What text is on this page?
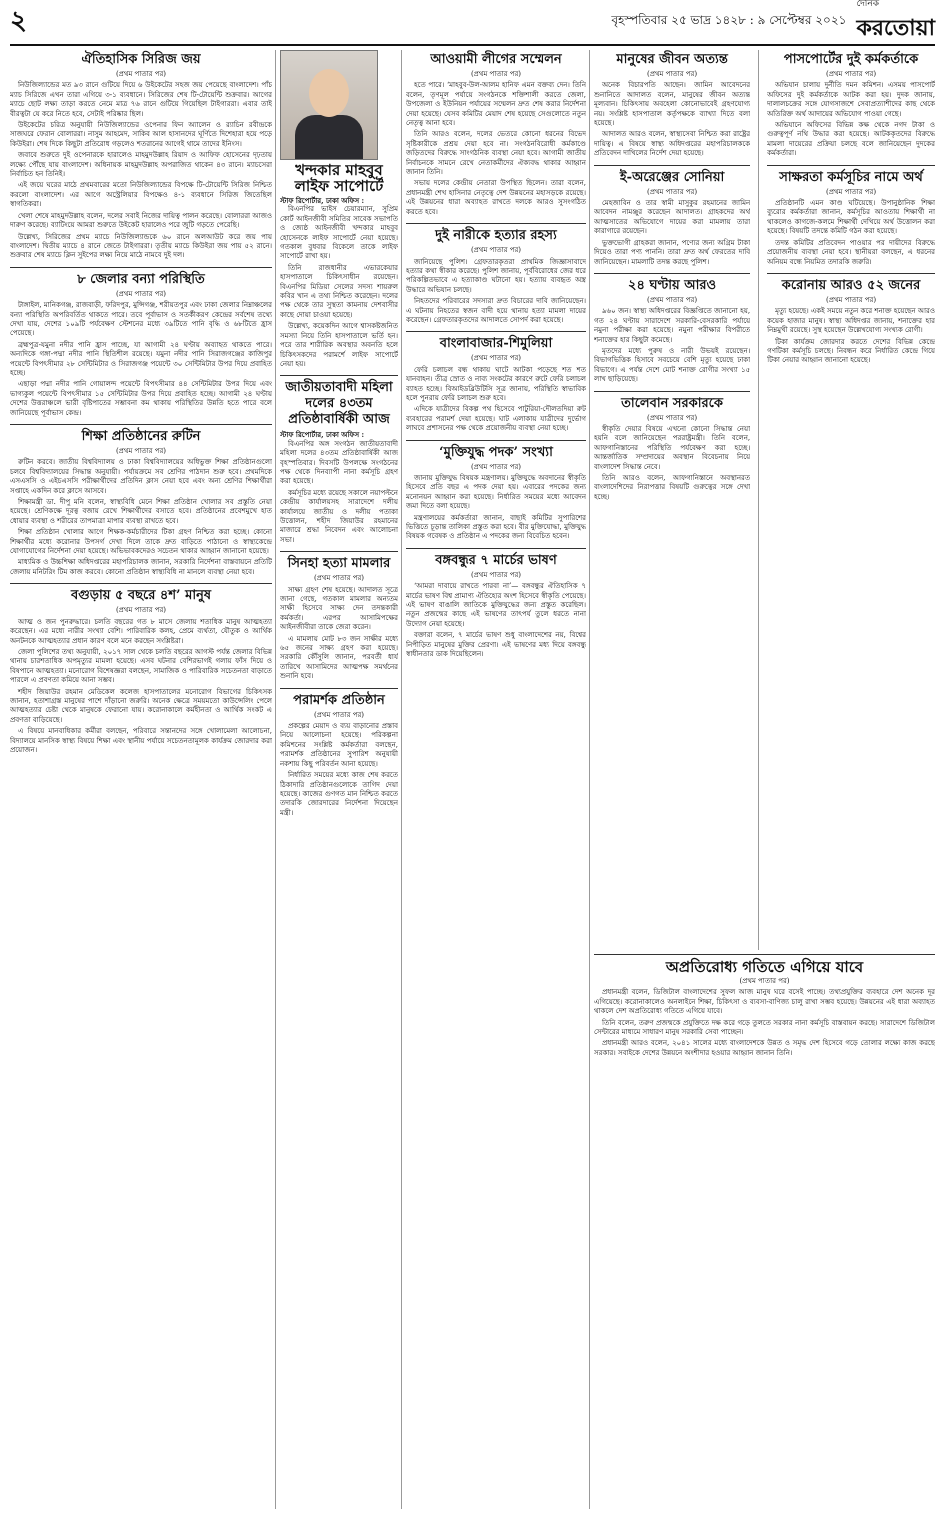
২	বৃহস্পতিবার ২৫ ভাদ্র ১৪২৮ : ৯ সেপ্টেম্বর ২০২১
দৈনিক
করতোয়া
ঐতিহাসিক সিরিজ জয়
(প্রথম পাতার পর)

নিউজিল্যান্ডের মত ৯৩ রানে গুটিয়ে দিয়ে ৬ উইকেটের সহজ জয় পেয়েছে বাংলাদেশ। পাঁচ ম্যাচ সিরিজে এখন তারা এগিয়ে ৩-১ ব্যবধানে। সিরিজের শেষ টি-টোয়েন্টি শুক্রবার। আগের ম্যাচে ছোট লক্ষ্য তাড়া করতে নেমে মাত্র ৭৬ রানে গুটিয়ে গিয়েছিল টাইগাররা। এবার তাই বীরত্বটা যে করে নিতে হবে, সেটাই পরিষ্কার ছিল।

উইকেটের চরিত্র অনুযায়ী নিউজিল্যান্ডের ওপেনার ফিন অ্যালেন ও র‌্যাচিন রবীন্দ্রকে সাজঘরে ফেরান বোলাররা। নাসুম আহমেদ, সাকিব আল হাসানদের ঘূর্ণিতে দিশেহারা হয়ে পড়ে কিউইরা। শেষ দিকে কিছুটা প্রতিরোধ গড়লেও শতরানের আগেই থামে তাদের ইনিংস।

জবাবে শুরুতে দুই ওপেনারকে হারালেও মাহমুদউল্লাহ রিয়াদ ও আফিফ হোসেনের দৃঢ়তায় লক্ষ্যে পৌঁছে যায় বাংলাদেশ। অধিনায়ক মাহমুদউল্লাহ অপরাজিত থাকেন ৪৩ রানে। ম্যাচসেরা নির্বাচিত হন তিনিই।

এই জয়ে ঘরের মাঠে প্রথমবারের মতো নিউজিল্যান্ডের বিপক্ষে টি-টোয়েন্টি সিরিজ নিশ্চিত করলো বাংলাদেশ। এর আগে অস্ট্রেলিয়ার বিপক্ষেও ৪-১ ব্যবধানে সিরিজ জিতেছিল স্বাগতিকরা।

খেলা শেষে মাহমুদউল্লাহ বলেন, দলের সবাই নিজের দায়িত্ব পালন করেছে। বোলাররা আজও দারুণ করেছে। ব্যাটিংয়ে আমরা শুরুতে উইকেট হারালেও পরে জুটি গড়তে পেরেছি।

উল্লেখ্য, সিরিজের প্রথম ম্যাচে নিউজিল্যান্ডকে ৬০ রানে অলআউট করে জয় পায় বাংলাদেশ। দ্বিতীয় ম্যাচে ৪ রানে জেতে টাইগাররা। তৃতীয় ম্যাচে কিউইরা জয় পায় ৫২ রানে। শুক্রবার শেষ ম্যাচে ক্লিন সুইপের লক্ষ্য নিয়ে মাঠে নামবে দুই দল।

৮ জেলার বন্যা পরিস্থিতি
(প্রথম পাতার পর)

টাঙ্গাইল, মানিকগঞ্জ, রাজবাড়ী, ফরিদপুর, মুন্সিগঞ্জ, শরীয়তপুর এবং ঢাকা জেলার নিম্নাঞ্চলের বন্যা পরিস্থিতি অপরিবর্তিত থাকতে পারে। তবে পূর্বাভাস ও সতর্কীকরণ কেন্দ্রের সর্বশেষ তথ্যে দেখা যায়, দেশের ১০৯টি পর্যবেক্ষণ স্টেশনের মধ্যে ৩৯টিতে পানি বৃদ্ধি ও ৬৮টিতে হ্রাস পেয়েছে।

ব্রহ্মপুত্র-যমুনা নদীর পানি হ্রাস পাচ্ছে, যা আগামী ২৪ ঘণ্টায় অব্যাহত থাকতে পারে। অন্যদিকে গঙ্গা-পদ্মা নদীর পানি স্থিতিশীল রয়েছে। যমুনা নদীর পানি সিরাজগঞ্জের কাজিপুর পয়েন্টে বিপৎসীমার ২৮ সেন্টিমিটার ও সিরাজগঞ্জ পয়েন্টে ৩০ সেন্টিমিটার উপর দিয়ে প্রবাহিত হচ্ছে।

এছাড়া পদ্মা নদীর পানি গোয়ালন্দ পয়েন্টে বিপৎসীমার ৪৪ সেন্টিমিটার উপর দিয়ে এবং ভাগ্যকুল পয়েন্টে বিপৎসীমার ১৫ সেন্টিমিটার উপর দিয়ে প্রবাহিত হচ্ছে। আগামী ২৪ ঘণ্টায় দেশের উত্তরাঞ্চলে ভারী বৃষ্টিপাতের সম্ভাবনা কম থাকায় পরিস্থিতির উন্নতি হতে পারে বলে জানিয়েছে পূর্বাভাস কেন্দ্র।

শিক্ষা প্রতিষ্ঠানের রুটিন
(প্রথম পাতার পর)

রুটিন করবে। জাতীয় বিশ্ববিদ্যালয় ও ঢাকা বিশ্ববিদ্যালয়ের অধিভুক্ত শিক্ষা প্রতিষ্ঠানগুলো চলবে বিশ্ববিদ্যালয়ের সিদ্ধান্ত অনুযায়ী। পর্যায়ক্রমে সব শ্রেণির পাঠদান শুরু হবে। প্রথমদিকে এসএসসি ও এইচএসসি পরীক্ষার্থীদের প্রতিদিন ক্লাস নেয়া হবে এবং অন্য শ্রেণির শিক্ষার্থীরা সপ্তাহে একদিন করে ক্লাসে আসবে।

শিক্ষামন্ত্রী ডা. দীপু মনি বলেন, স্বাস্থ্যবিধি মেনে শিক্ষা প্রতিষ্ঠান খোলার সব প্রস্তুতি নেয়া হয়েছে। শ্রেণিকক্ষে দূরত্ব বজায় রেখে শিক্ষার্থীদের বসাতে হবে। প্রতিষ্ঠানের প্রবেশমুখে হাত ধোয়ার ব্যবস্থা ও শরীরের তাপমাত্রা মাপার ব্যবস্থা রাখতে হবে।

শিক্ষা প্রতিষ্ঠান খোলার আগে শিক্ষক-কর্মচারীদের টিকা গ্রহণ নিশ্চিত করা হচ্ছে। কোনো শিক্ষার্থীর মধ্যে করোনার উপসর্গ দেখা দিলে তাকে দ্রুত বাড়িতে পাঠানো ও স্বাস্থ্যকেন্দ্রে যোগাযোগের নির্দেশনা দেয়া হয়েছে। অভিভাবকদেরও সচেতন থাকার আহ্বান জানানো হয়েছে।

মাধ্যমিক ও উচ্চশিক্ষা অধিদপ্তরের মহাপরিচালক জানান, সরকারি নির্দেশনা বাস্তবায়নে প্রতিটি জেলায় মনিটরিং টিম কাজ করবে। কোনো প্রতিষ্ঠান স্বাস্থ্যবিধি না মানলে ব্যবস্থা নেয়া হবে।

বগুড়ায় ৫ বছরে ৪শ’ মানুষ
(প্রথম পাতার পর)

আত্ম ও জন পুনরুদ্ধারে। চলতি বছরের গত ৮ মাসে জেলায় শতাধিক মানুষ আত্মহত্যা করেছেন। এর মধ্যে নারীর সংখ্যা বেশি। পারিবারিক কলহ, প্রেমে ব্যর্থতা, যৌতুক ও আর্থিক অনটনকে আত্মহত্যার প্রধান কারণ বলে মনে করছেন সংশ্লিষ্টরা।

জেলা পুলিশের তথ্য অনুযায়ী, ২০১৭ সাল থেকে চলতি বছরের আগস্ট পর্যন্ত জেলার বিভিন্ন থানায় চারশতাধিক অপমৃত্যুর মামলা হয়েছে। এসব ঘটনার বেশিরভাগই গলায় ফাঁস দিয়ে ও বিষপানে আত্মহত্যা। মনোরোগ বিশেষজ্ঞরা বলছেন, সামাজিক ও পারিবারিক সচেতনতা বাড়াতে পারলে এ প্রবণতা কমিয়ে আনা সম্ভব।

শহীদ জিয়াউর রহমান মেডিকেল কলেজ হাসপাতালের মনোরোগ বিভাগের চিকিৎসক জানান, হতাশাগ্রস্ত মানুষের পাশে দাঁড়ানো জরুরি। অনেক ক্ষেত্রে সময়মতো কাউন্সেলিং পেলে আত্মহত্যার চেষ্টা থেকে মানুষকে ফেরানো যায়। করোনাকালে কর্মহীনতা ও আর্থিক সংকট এ প্রবণতা বাড়িয়েছে।

এ বিষয়ে মানবাধিকার কর্মীরা বলছেন, পরিবারে সন্তানদের সঙ্গে খোলামেলা আলোচনা, বিদ্যালয়ে মানসিক স্বাস্থ্য বিষয়ে শিক্ষা এবং স্থানীয় পর্যায়ে সচেতনতামূলক কার্যক্রম জোরদার করা প্রয়োজন।

খন্দকার মাহবুব লাইফ সাপোর্টে
স্টাফ রিপোর্টার, ঢাকা অফিস :

বিএনপির ভাইস চেয়ারম্যান, সুপ্রিম কোর্ট আইনজীবী সমিতির সাবেক সভাপতি ও জ্যেষ্ঠ আইনজীবী খন্দকার মাহবুব হোসেনকে লাইফ সাপোর্টে নেয়া হয়েছে। গতকাল বুধবার বিকেলে তাকে লাইফ সাপোর্টে রাখা হয়।

তিনি রাজধানীর এভারকেয়ার হাসপাতালে চিকিৎসাধীন রয়েছেন। বিএনপির মিডিয়া সেলের সদস্য শায়রুল কবির খান এ তথ্য নিশ্চিত করেছেন। দলের পক্ষ থেকে তার সুস্থতা কামনায় দেশবাসীর কাছে দোয়া চাওয়া হয়েছে।

উল্লেখ্য, কয়েকদিন আগে শ্বাসকষ্টজনিত সমস্যা নিয়ে তিনি হাসপাতালে ভর্তি হন। পরে তার শারীরিক অবস্থার অবনতি হলে চিকিৎসকদের পরামর্শে লাইফ সাপোর্টে নেয়া হয়।

জাতীয়তাবাদী মহিলা দলের ৪৩তম প্রতিষ্ঠাবার্ষিকী আজ
স্টাফ রিপোর্টার, ঢাকা অফিস :

বিএনপির অঙ্গ সংগঠন জাতীয়তাবাদী মহিলা দলের ৪৩তম প্রতিষ্ঠাবার্ষিকী আজ বৃহস্পতিবার। দিবসটি উপলক্ষে সংগঠনের পক্ষ থেকে দিনব্যাপী নানা কর্মসূচি গ্রহণ করা হয়েছে।

কর্মসূচির মধ্যে রয়েছে সকালে নয়াপল্টনে কেন্দ্রীয় কার্যালয়সহ সারাদেশে দলীয় কার্যালয়ে জাতীয় ও দলীয় পতাকা উত্তোলন, শহীদ জিয়াউর রহমানের মাজারে শ্রদ্ধা নিবেদন এবং আলোচনা সভা।

সিনহা হত্যা মামলার
(প্রথম পাতার পর)

সাক্ষ্য গ্রহণ শেষ হয়েছে। আদালত সূত্রে জানা গেছে, গতকাল মামলার অন্যতম সাক্ষী হিসেবে সাক্ষ্য দেন তদন্তকারী কর্মকর্তা। এরপর আসামিপক্ষের আইনজীবীরা তাকে জেরা করেন।

এ মামলায় মোট ৮৩ জন সাক্ষীর মধ্যে ৬৫ জনের সাক্ষ্য গ্রহণ করা হয়েছে। সরকারি কৌঁসুলি জানান, পরবর্তী ধার্য তারিখে আসামিদের আত্মপক্ষ সমর্থনের শুনানি হবে।

পরামর্শক প্রতিষ্ঠান
(প্রথম পাতার পর)

প্রকল্পের মেয়াদ ও ব্যয় বাড়ানোর প্রস্তাব নিয়ে আলোচনা হয়েছে। পরিকল্পনা কমিশনের সংশ্লিষ্ট কর্মকর্তারা বলছেন, পরামর্শক প্রতিষ্ঠানের সুপারিশ অনুযায়ী নকশায় কিছু পরিবর্তন আনা হয়েছে।

নির্ধারিত সময়ের মধ্যে কাজ শেষ করতে ঠিকাদারি প্রতিষ্ঠানগুলোকে তাগিদ দেয়া হয়েছে। কাজের গুণগত মান নিশ্চিত করতে তদারকি জোরদারের নির্দেশনা দিয়েছেন মন্ত্রী।

আওয়ামী লীগের সম্মেলন
(প্রথম পাতার পর)

হতে পারে। ‘মাহবুব-উল-আলম হানিফ এমন বক্তব্য দেন। তিনি বলেন, তৃণমূল পর্যায়ে সংগঠনকে শক্তিশালী করতে জেলা, উপজেলা ও ইউনিয়ন পর্যায়ের সম্মেলন দ্রুত শেষ করার নির্দেশনা দেয়া হয়েছে। যেসব কমিটির মেয়াদ শেষ হয়েছে সেগুলোতে নতুন নেতৃত্ব আনা হবে।

তিনি আরও বলেন, দলের ভেতরে কোনো ধরনের বিভেদ সৃষ্টিকারীকে প্রশ্রয় দেয়া হবে না। সংগঠনবিরোধী কর্মকাণ্ডে জড়িতদের বিরুদ্ধে সাংগঠনিক ব্যবস্থা নেয়া হবে। আগামী জাতীয় নির্বাচনকে সামনে রেখে নেতাকর্মীদের ঐক্যবদ্ধ থাকার আহ্বান জানান তিনি।

সভায় দলের কেন্দ্রীয় নেতারা উপস্থিত ছিলেন। তারা বলেন, প্রধানমন্ত্রী শেখ হাসিনার নেতৃত্বে দেশ উন্নয়নের মহাসড়কে রয়েছে। এই উন্নয়নের ধারা অব্যাহত রাখতে দলকে আরও সুসংগঠিত করতে হবে।

দুই নারীকে হত্যার রহস্য
(প্রথম পাতার পর)

জানিয়েছে পুলিশ। গ্রেফতারকৃতরা প্রাথমিক জিজ্ঞাসাবাদে হত্যার কথা স্বীকার করেছে। পুলিশ জানায়, পূর্ববিরোধের জের ধরে পরিকল্পিতভাবে এ হত্যাকাণ্ড ঘটানো হয়। হত্যায় ব্যবহৃত অস্ত্র উদ্ধারে অভিযান চলছে।

নিহতদের পরিবারের সদস্যরা দ্রুত বিচারের দাবি জানিয়েছেন। এ ঘটনায় নিহতের স্বজন বাদী হয়ে থানায় হত্যা মামলা দায়ের করেছেন। গ্রেফতারকৃতদের আদালতে সোপর্দ করা হয়েছে।

বাংলাবাজার-শিমুলিয়া
(প্রথম পাতার পর)

ফেরি চলাচল বন্ধ থাকায় ঘাটে আটকা পড়েছে শত শত যানবাহন। তীব্র স্রোত ও নাব্য সংকটের কারণে রুটে ফেরি চলাচল ব্যাহত হচ্ছে। বিআইডব্লিউটিসি সূত্র জানায়, পরিস্থিতি স্বাভাবিক হলে পুনরায় ফেরি চলাচল শুরু হবে।

এদিকে যাত্রীদের বিকল্প পথ হিসেবে পাটুরিয়া-দৌলতদিয়া রুট ব্যবহারের পরামর্শ দেয়া হয়েছে। ঘাট এলাকায় যাত্রীদের দুর্ভোগ লাঘবে প্রশাসনের পক্ষ থেকে প্রয়োজনীয় ব্যবস্থা নেয়া হচ্ছে।

‘মুক্তিযুদ্ধ পদক’ সংখ্যা
(প্রথম পাতার পর)

জানায় মুক্তিযুদ্ধ বিষয়ক মন্ত্রণালয়। মুক্তিযুদ্ধে অবদানের স্বীকৃতি হিসেবে প্রতি বছর এ পদক দেয়া হয়। এবারের পদকের জন্য মনোনয়ন আহ্বান করা হয়েছে। নির্ধারিত সময়ের মধ্যে আবেদন জমা দিতে বলা হয়েছে।

মন্ত্রণালয়ের কর্মকর্তারা জানান, বাছাই কমিটির সুপারিশের ভিত্তিতে চূড়ান্ত তালিকা প্রস্তুত করা হবে। বীর মুক্তিযোদ্ধা, মুক্তিযুদ্ধ বিষয়ক গবেষক ও প্রতিষ্ঠান এ পদকের জন্য বিবেচিত হবেন।

বঙ্গবন্ধুর ৭ মার্চের ভাষণ
(প্রথম পাতার পর)

‘আমরা দাবায়ে রাখতে পারবা না’— বঙ্গবন্ধুর ঐতিহাসিক ৭ মার্চের ভাষণ বিশ্ব প্রামাণ্য ঐতিহ্যের অংশ হিসেবে স্বীকৃতি পেয়েছে। এই ভাষণ বাঙালি জাতিকে মুক্তিযুদ্ধের জন্য প্রস্তুত করেছিল। নতুন প্রজন্মের কাছে এই ভাষণের তাৎপর্য তুলে ধরতে নানা উদ্যোগ নেয়া হয়েছে।

বক্তারা বলেন, ৭ মার্চের ভাষণ শুধু বাংলাদেশের নয়, বিশ্বের নিপীড়িত মানুষের মুক্তির প্রেরণা। এই ভাষণের মধ্য দিয়ে বঙ্গবন্ধু স্বাধীনতার ডাক দিয়েছিলেন।

মানুষের জীবন অত্যন্ত
(প্রথম পাতার পর)

অনেক বিচারপতি আছেন। জামিন আবেদনের শুনানিতে আদালত বলেন, মানুষের জীবন অত্যন্ত মূল্যবান। চিকিৎসায় অবহেলা কোনোভাবেই গ্রহণযোগ্য নয়। সংশ্লিষ্ট হাসপাতাল কর্তৃপক্ষকে ব্যাখ্যা দিতে বলা হয়েছে।

আদালত আরও বলেন, স্বাস্থ্যসেবা নিশ্চিত করা রাষ্ট্রের দায়িত্ব। এ বিষয়ে স্বাস্থ্য অধিদপ্তরের মহাপরিচালককে প্রতিবেদন দাখিলের নির্দেশ দেয়া হয়েছে।

ই-অরেঞ্জের সোনিয়া
(প্রথম পাতার পর)

মেহজাবিন ও তার স্বামী মাসুকুর রহমানের জামিন আবেদন নামঞ্জুর করেছেন আদালত। গ্রাহকদের অর্থ আত্মসাতের অভিযোগে দায়ের করা মামলায় তারা কারাগারে রয়েছেন।

ভুক্তভোগী গ্রাহকরা জানান, পণ্যের জন্য অগ্রিম টাকা দিয়েও তারা পণ্য পাননি। তারা দ্রুত অর্থ ফেরতের দাবি জানিয়েছেন। মামলাটি তদন্ত করছে পুলিশ।

২৪ ঘণ্টায় আরও
(প্রথম পাতার পর)

৯৬০ জন। স্বাস্থ্য অধিদপ্তরের বিজ্ঞপ্তিতে জানানো হয়, গত ২৪ ঘণ্টায় সারাদেশে সরকারি-বেসরকারি পর্যায়ে নমুনা পরীক্ষা করা হয়েছে। নমুনা পরীক্ষার বিপরীতে শনাক্তের হার কিছুটা কমেছে।

মৃতদের মধ্যে পুরুষ ও নারী উভয়ই রয়েছেন। বিভাগভিত্তিক হিসাবে সবচেয়ে বেশি মৃত্যু হয়েছে ঢাকা বিভাগে। এ পর্যন্ত দেশে মোট শনাক্ত রোগীর সংখ্যা ১৫ লাখ ছাড়িয়েছে।

তালেবান সরকারকে
(প্রথম পাতার পর)

স্বীকৃতি দেয়ার বিষয়ে এখনো কোনো সিদ্ধান্ত নেয়া হয়নি বলে জানিয়েছেন পররাষ্ট্রমন্ত্রী। তিনি বলেন, আফগানিস্তানের পরিস্থিতি পর্যবেক্ষণ করা হচ্ছে। আন্তর্জাতিক সম্প্রদায়ের অবস্থান বিবেচনায় নিয়ে বাংলাদেশ সিদ্ধান্ত নেবে।

তিনি আরও বলেন, আফগানিস্তানে অবস্থানরত বাংলাদেশিদের নিরাপত্তার বিষয়টি গুরুত্বের সঙ্গে দেখা হচ্ছে।

পাসপোর্টের দুই কর্মকর্তাকে
(প্রথম পাতার পর)

অভিযান চালায় দুর্নীতি দমন কমিশন। এসময় পাসপোর্ট অফিসের দুই কর্মকর্তাকে আটক করা হয়। দুদক জানায়, দালালচক্রের সঙ্গে যোগসাজশে সেবাপ্রত্যাশীদের কাছ থেকে অতিরিক্ত অর্থ আদায়ের অভিযোগ পাওয়া গেছে।

অভিযানে অফিসের বিভিন্ন কক্ষ থেকে নগদ টাকা ও গুরুত্বপূর্ণ নথি উদ্ধার করা হয়েছে। আটককৃতদের বিরুদ্ধে মামলা দায়েরের প্রক্রিয়া চলছে বলে জানিয়েছেন দুদকের কর্মকর্তারা।

সাক্ষরতা কর্মসূচির নামে অর্থ
(প্রথম পাতার পর)

প্রতিষ্ঠানটি এমন কাণ্ড ঘটিয়েছে। উপানুষ্ঠানিক শিক্ষা ব্যুরোর কর্মকর্তারা জানান, কর্মসূচির আওতায় শিক্ষার্থী না থাকলেও কাগজে-কলমে শিক্ষার্থী দেখিয়ে অর্থ উত্তোলন করা হয়েছে। বিষয়টি তদন্তে কমিটি গঠন করা হয়েছে।

তদন্ত কমিটির প্রতিবেদন পাওয়ার পর দায়ীদের বিরুদ্ধে প্রয়োজনীয় ব্যবস্থা নেয়া হবে। স্থানীয়রা বলছেন, এ ধরনের অনিয়ম বন্ধে নিয়মিত তদারকি জরুরি।

করোনায় আরও ৫২ জনের
(প্রথম পাতার পর)

মৃত্যু হয়েছে। একই সময়ে নতুন করে শনাক্ত হয়েছেন আরও কয়েক হাজার মানুষ। স্বাস্থ্য অধিদপ্তর জানায়, শনাক্তের হার নিম্নমুখী রয়েছে। সুস্থ হয়েছেন উল্লেখযোগ্য সংখ্যক রোগী।

টিকা কার্যক্রম জোরদার করতে দেশের বিভিন্ন কেন্দ্রে গণটিকা কর্মসূচি চলছে। নিবন্ধন করে নির্ধারিত কেন্দ্রে গিয়ে টিকা নেয়ার আহ্বান জানানো হয়েছে।

অপ্রতিরোধ্য গতিতে এগিয়ে যাবে
(প্রথম পাতার পর)

প্রধানমন্ত্রী বলেন, ডিজিটাল বাংলাদেশের সুফল আজ মানুষ ঘরে বসেই পাচ্ছে। তথ্যপ্রযুক্তির ব্যবহারে দেশ অনেক দূর এগিয়েছে। করোনাকালেও অনলাইনে শিক্ষা, চিকিৎসা ও ব্যবসা-বাণিজ্য চালু রাখা সম্ভব হয়েছে। উন্নয়নের এই ধারা অব্যাহত থাকলে দেশ অপ্রতিরোধ্য গতিতে এগিয়ে যাবে।

তিনি বলেন, তরুণ প্রজন্মকে প্রযুক্তিতে দক্ষ করে গড়ে তুলতে সরকার নানা কর্মসূচি বাস্তবায়ন করছে। সারাদেশে ডিজিটাল সেন্টারের মাধ্যমে সাধারণ মানুষ সরকারি সেবা পাচ্ছেন।

প্রধানমন্ত্রী আরও বলেন, ২০৪১ সালের মধ্যে বাংলাদেশকে উন্নত ও সমৃদ্ধ দেশ হিসেবে গড়ে তোলার লক্ষ্যে কাজ করছে সরকার। সবাইকে দেশের উন্নয়নে অংশীদার হওয়ার আহ্বান জানান তিনি।
